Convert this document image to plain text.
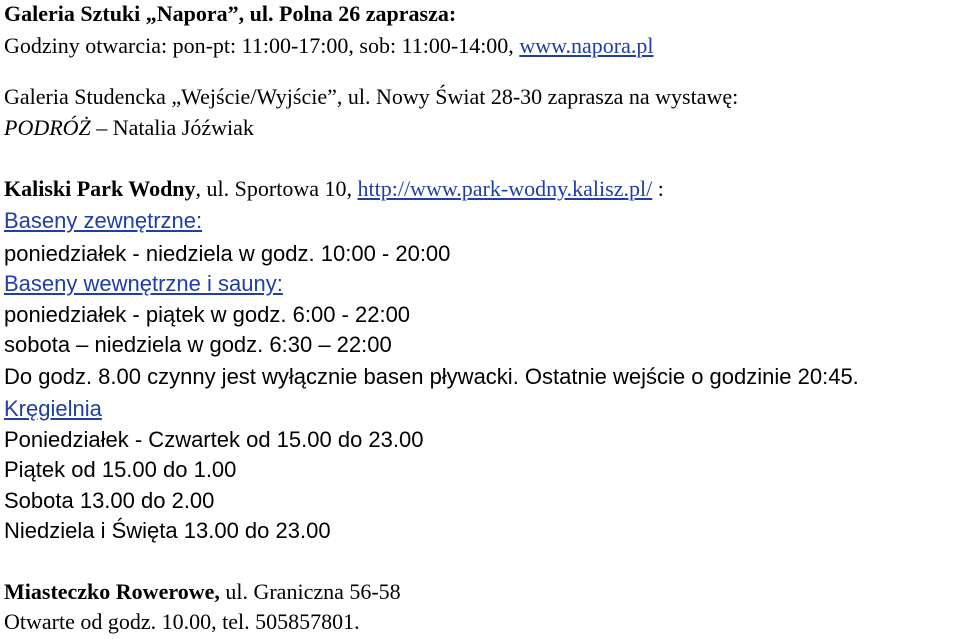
Galeria Sztuki „Napora”, ul. Polna 26 zaprasza:
Godziny otwarcia: pon-pt: 11:00-17:00, sob: 11:00-14:00, www.napora.pl
Galeria Studencka „Wejście/Wyjście”, ul. Nowy Świat 28-30 zaprasza na wystawę:
PODRÓŻ – Natalia Jóźwiak
Kaliski Park Wodny, ul. Sportowa 10, http://www.park-wodny.kalisz.pl/ :
Baseny zewnętrzne:
poniedziałek - niedziela w godz. 10:00 - 20:00
Baseny wewnętrzne i sauny:
poniedziałek - piątek w godz. 6:00 - 22:00
sobota – niedziela w godz. 6:30 – 22:00
Do godz. 8.00 czynny jest wyłącznie basen pływacki. Ostatnie wejście o godzinie 20:45.
Kręgielnia
Poniedziałek - Czwartek od 15.00 do 23.00
Piątek od 15.00 do 1.00
Sobota 13.00 do 2.00
Niedziela i Święta 13.00 do 23.00
Miasteczko Rowerowe, ul. Graniczna 56-58
Otwarte od godz. 10.00, tel. 505857801.
